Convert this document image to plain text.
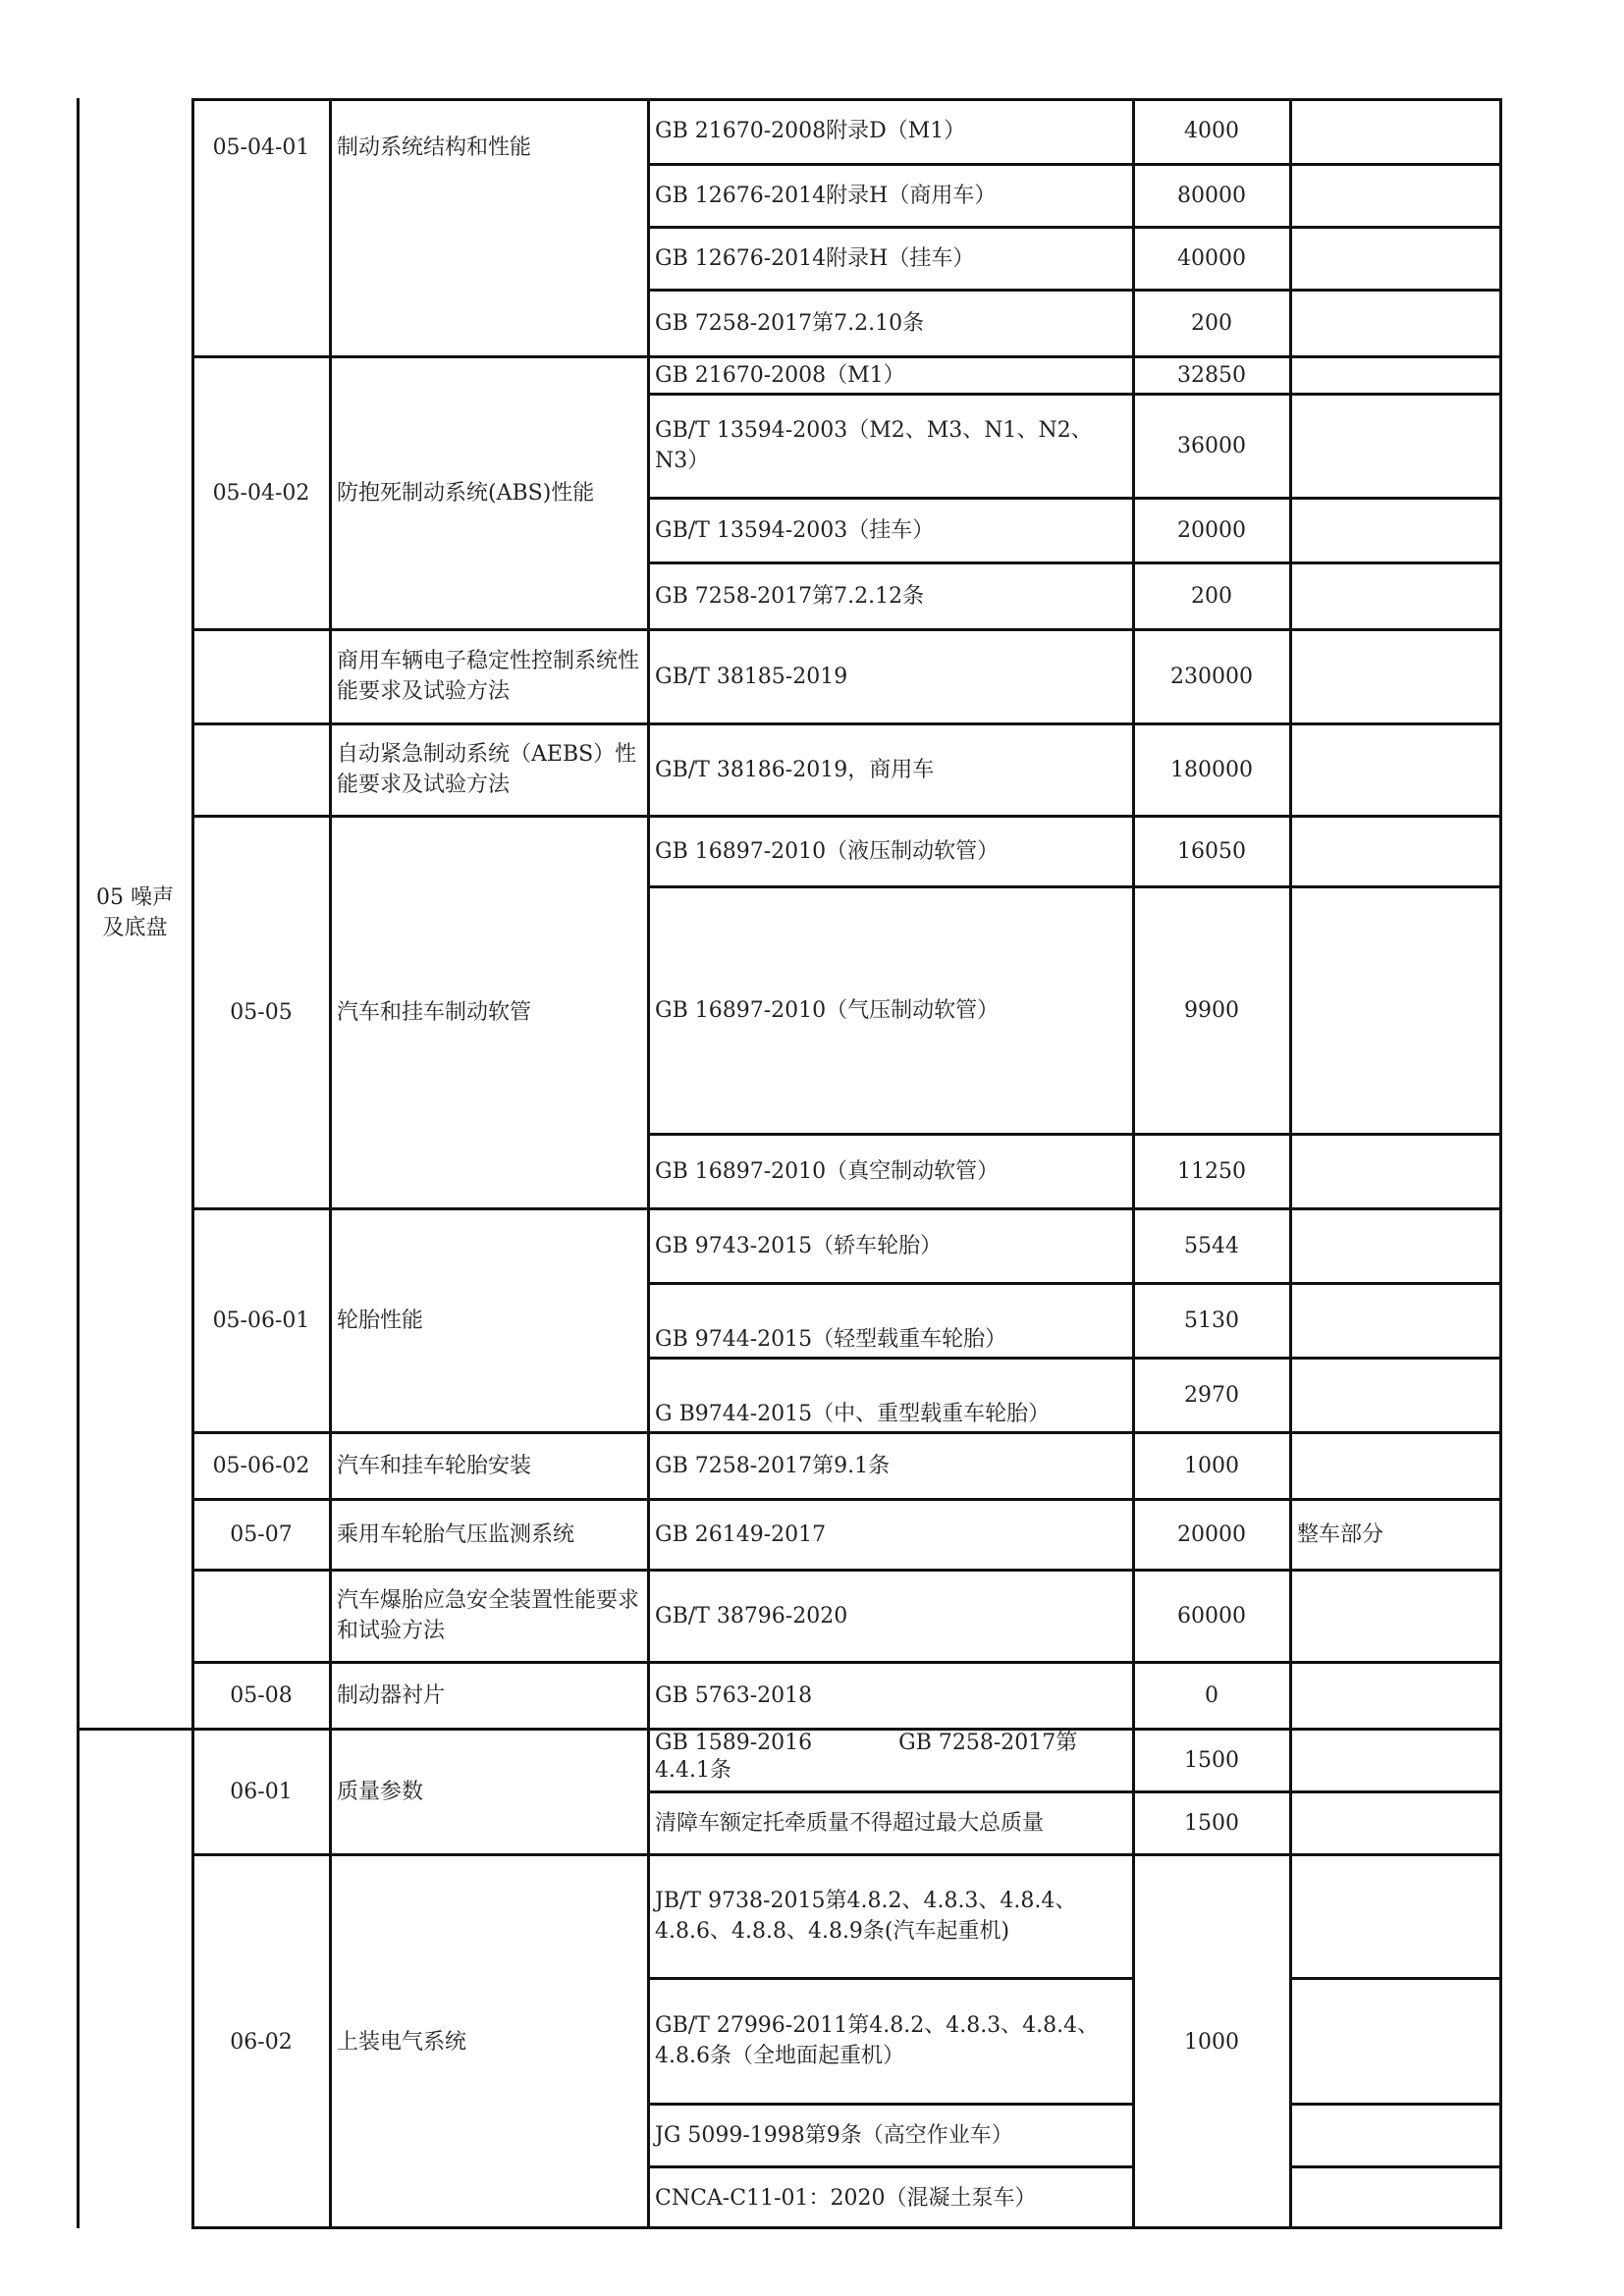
05 噪声
及底盘
05-04-01
05-04-02
05-05
05-06-01
05-06-02
05-07
05-08
06-01
06-02
制动系统结构和性能
防抱死制动系统(ABS)性能
商用车辆电子稳定性控制系统性能要求及试验方法
自动紧急制动系统（AEBS）性能要求及试验方法
汽车和挂车制动软管
轮胎性能
汽车和挂车轮胎安装
乘用车轮胎气压监测系统
汽车爆胎应急安全装置性能要求和试验方法
制动器衬片
质量参数
上装电气系统
GB 21670-2008附录D（M1）
GB 12676-2014附录H（商用车）
GB 12676-2014附录H（挂车）
GB 7258-2017第7.2.10条
GB 21670-2008（M1）
GB/T 13594-2003（M2、M3、N1、N2、N3）
GB/T 13594-2003（挂车）
GB 7258-2017第7.2.12条
GB/T 38185-2019
GB/T 38186-2019，商用车
GB 16897-2010（液压制动软管）
GB 16897-2010（气压制动软管）
GB 16897-2010（真空制动软管）
GB 9743-2015（轿车轮胎）
GB 9744-2015（轻型载重车轮胎）
G B9744-2015（中、重型载重车轮胎）
GB 7258-2017第9.1条
GB 26149-2017
GB/T 38796-2020
GB 5763-2018
GB 1589-2016　　　　GB 7258-2017第4.4.1条
清障车额定托牵质量不得超过最大总质量
JB/T 9738-2015第4.8.2、4.8.3、4.8.4、4.8.6、4.8.8、4.8.9条(汽车起重机)
GB/T 27996-2011第4.8.2、4.8.3、4.8.4、4.8.6条（全地面起重机）
JG 5099-1998第9条（高空作业车）
CNCA-C11-01：2020（混凝土泵车）
4000
80000
40000
200
32850
36000
20000
200
230000
180000
16050
9900
11250
5544
5130
2970
1000
20000
60000
0
1500
1500
1000
整车部分
